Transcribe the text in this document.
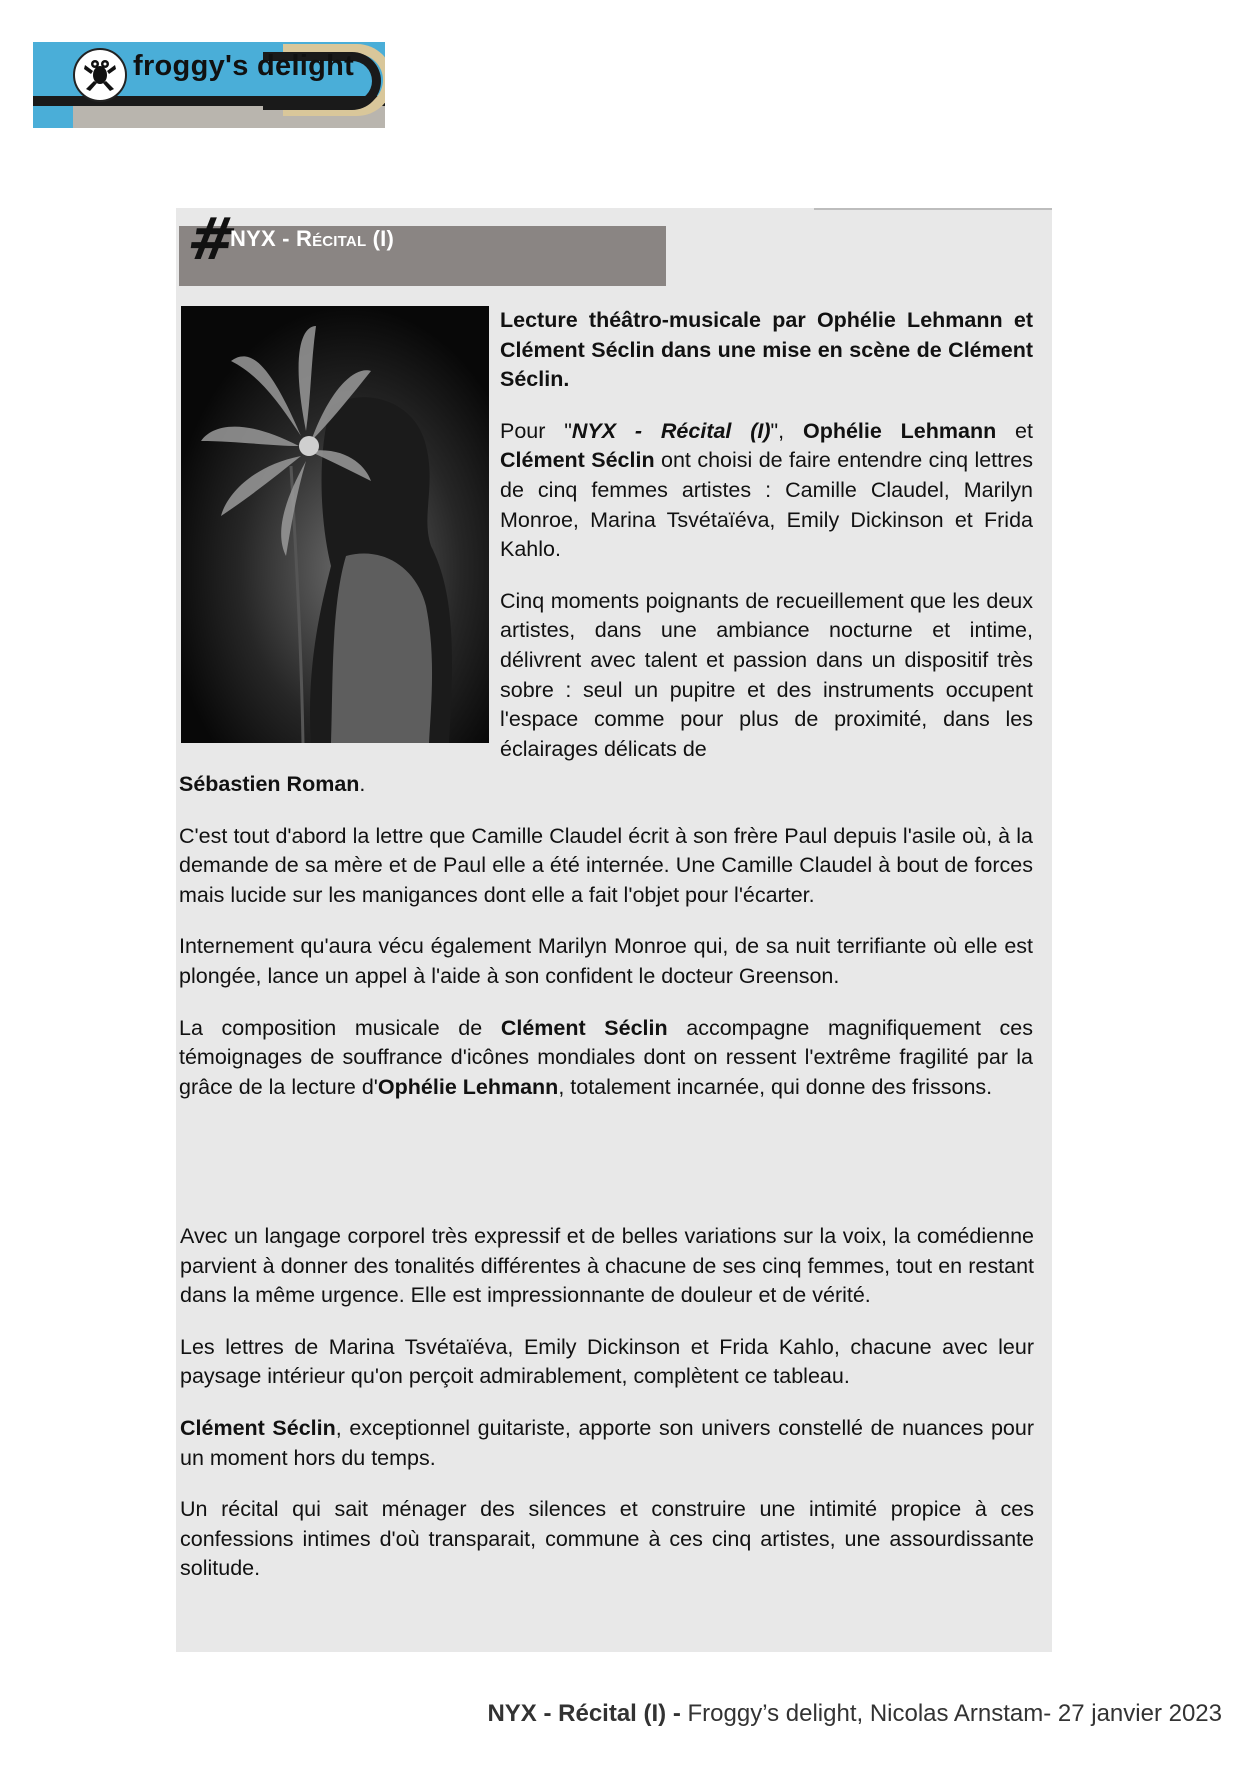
froggy's delight
#
NYX - Récital (I)

Lecture théâtro-musicale par Ophélie Lehmann et Clément Séclin dans une mise en scène de Clément Séclin.

Pour "NYX - Récital (I)", Ophélie Lehmann et Clément Séclin ont choisi de faire entendre cinq lettres de cinq femmes artistes : Camille Claudel, Marilyn Monroe, Marina Tsvétaïéva, Emily Dickinson et Frida Kahlo.

Cinq moments poignants de recueillement que les deux artistes, dans une ambiance nocturne et intime, délivrent avec talent et passion dans un dispositif très sobre : seul un pupitre et des instruments occupent l'espace comme pour plus de proximité, dans les éclairages délicats de

Sébastien Roman.

C'est tout d'abord la lettre que Camille Claudel écrit à son frère Paul depuis l'asile où, à la demande de sa mère et de Paul elle a été internée. Une Camille Claudel à bout de forces mais lucide sur les manigances dont elle a fait l'objet pour l'écarter.

Internement qu'aura vécu également Marilyn Monroe qui, de sa nuit terrifiante où elle est plongée, lance un appel à l'aide à son confident le docteur Greenson.

La composition musicale de Clément Séclin accompagne magnifiquement ces témoignages de souffrance d'icônes mondiales dont on ressent l'extrême fragilité par la grâce de la lecture d'Ophélie Lehmann, totalement incarnée, qui donne des frissons.

Avec un langage corporel très expressif et de belles variations sur la voix, la comédienne parvient à donner des tonalités différentes à chacune de ses cinq femmes, tout en restant dans la même urgence. Elle est impressionnante de douleur et de vérité.

Les lettres de Marina Tsvétaïéva, Emily Dickinson et Frida Kahlo, chacune avec leur paysage intérieur qu'on perçoit admirablement, complètent ce tableau.

Clément Séclin, exceptionnel guitariste, apporte son univers constellé de nuances pour un moment hors du temps.

Un récital qui sait ménager des silences et construire une intimité propice à ces confessions intimes d'où transparait, commune à ces cinq artistes, une assourdissante solitude.

NYX - Récital (I) - Froggy’s delight, Nicolas Arnstam- 27 janvier 2023
